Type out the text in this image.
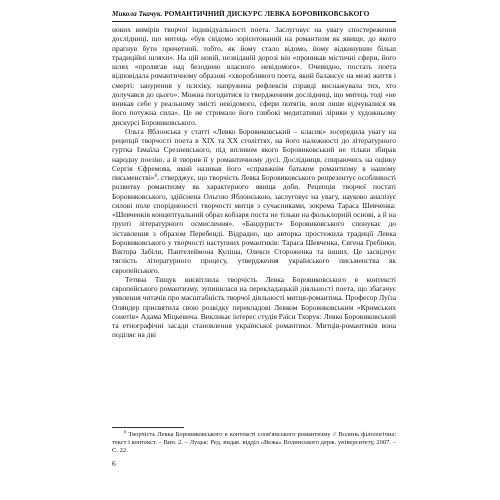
Микола Ткачук. РОМАНТИЧНИЙ ДИСКУРС ЛЕВКА БОРОВИКОВСЬКОГО

нових вимірів творчої індивідуальності поета. Заслуговує на увагу спостереження дослідниці, що митець «був свідомо зорієнтований на романтизм як явище, до якого прагнув бути причетний, тобто, як йому стало відомо, йому відкинувши більш традиційні шляхи». На цій новій, незвіданій дорозі він «проникав містичні сфери, його шлях «пролягав над безоднею власного невідомого». Очевидно, постать поета відповідала романтичному образові «хворобливого поета, який балансує на межі життя і смерті: занурення у психіку, напружена рефлексія справді виснажувала тих, хто долучався до цього». Можна погодитися із твердженням дослідниці, що митець тоді «не вникав себе у реальному змісті невідомого, сфери потягів, воля лише відчувалися як його потужна сила». Це не стримало його глибокі медитативні лірики у художньому дискурсі Боровиковського.

Ольга Яблонська у статті «Левко Боровиковський – класик» зосередила увагу на рецепції творчості поета в XIX та XX століттях, на його належності до літературного гуртка Ізмаїла Срезневського, під впливом якого Боровиковський не тільки збирав народну поезію, а й творив її у романтичному дусі. Дослідниця, спираючись на оцінку Сергія Єфремова, який називав його «справжнім батьком романтизму в нашому письменстві»$^8$, стверджує, що творчість Левка Боровиковського репрезентує особливості розвитку романтизму як характерного явища доби. Рецепція творчої постаті Боровиковського, здійснена Ольгою Яблонською, заслуговує на увагу, науково аналізує силові поле спорідненості творчості митця з сучасниками, зокрема Тараса Шевченка: «Шевченків концептуальний образ кобзаря поста не тільки на фольклорній основі, а й на ґрунті літературного осмислення». «Бандурист» Боровиковського спонукає до зіставлення з образом Перебенді. Відрадно, що авторка простежила традиції Левка Боровиковського у творчості наступних романтиків: Тараса Шевченка, Євгена Гребінки, Віктора Забіли, Пантелеймона Куліша, Олекси Стороженка та інших. Це засвідчує тяглість літературного процесу, утвердження українського письменства як європейського.

Тетяна Тищук висвітлила творчість Левка Боровиковського в контексті європейського романтизму, зупинилася на перекладацькій діяльності поета, що збагачує уявлення читачів про масштабність творчої діяльності митця-романтика. Професор Луїза Оляндер присвятила свою розвідку перекладові Левком Боровиковським «Кримських сонетів» Адама Міцкевича. Викликає інтерес студія Раїси Тхорук: Левко Боровиковський та етнографічні засади становлення української романтики. Митців-романтиків вона поділяє на дві

$^8$ Творчість Левка Боровиковського в контексті слов'янського романтизму // Волинь філологічна: текст і контекст. – Вип. 2. – Луцьк: Ред. видав. відділ «Вежа» Волинського держ. університету, 2007. – С. 22.
6
